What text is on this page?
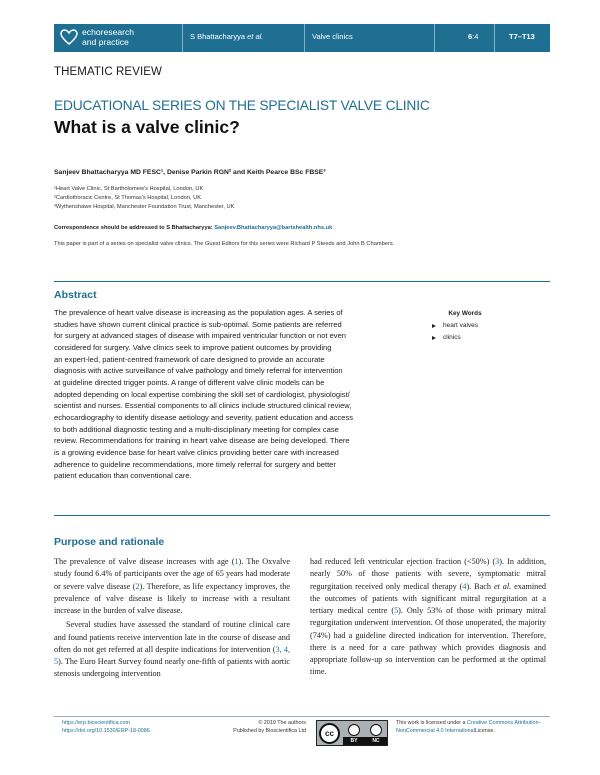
echoresearch
and practice	S Bhattacharyya et al.	Valve clinics	6:4	T7–T13
THEMATIC REVIEW
EDUCATIONAL SERIES ON THE SPECIALIST VALVE CLINIC
What is a valve clinic?
Sanjeev Bhattacharyya MD FESC¹, Denise Parkin RGN² and Keith Pearce BSc FBSE³
¹Heart Valve Clinic, St Bartholomew's Hospital, London, UK
²Cardiothoracic Centre, St Thomas's Hospital, London, UK
³Wythenshawe Hospital, Manchester Foundation Trust, Manchester, UK
Correspondence should be addressed to S Bhattacharyya: Sanjeev.Bhattacharyya@bartshealth.nhs.uk
This paper is part of a series on specialist valve clinics. The Guest Editors for this series were Richard P Steeds and John B Chambers.
Abstract

The prevalence of heart valve disease is increasing as the population ages. A series of

studies have shown current clinical practice is sub-optimal. Some patients are referred

for surgery at advanced stages of disease with impaired ventricular function or not even

considered for surgery. Valve clinics seek to improve patient outcomes by providing

an expert-led, patient-centred framework of care designed to provide an accurate

diagnosis with active surveillance of valve pathology and timely referral for intervention

at guideline directed trigger points. A range of different valve clinic models can be

adopted depending on local expertise combining the skill set of cardiologist, physiologist/

scientist and nurses. Essential components to all clinics include structured clinical review,

echocardiography to identify disease aetiology and severity, patient education and access

to both additional diagnostic testing and a multi-disciplinary meeting for complex case

review. Recommendations for training in heart valve disease are being developed. There

is a growing evidence base for heart valve clinics providing better care with increased

adherence to guideline recommendations, more timely referral for surgery and better

patient education than conventional care.

Key Words
heart valves
clinics
Purpose and rationale

The prevalence of valve disease increases with age (1). The Oxvalve study found 6.4% of participants over the age of 65 years had moderate or severe valve disease (2). Therefore, as life expectancy improves, the prevalence of valve disease is likely to increase with a resultant increase in the burden of valve disease.

Several studies have assessed the standard of routine clinical care and found patients receive intervention late in the course of disease and often do not get referred at all despite indications for intervention (3, 4, 5). The Euro Heart Survey found nearly one-fifth of patients with aortic stenosis undergoing intervention

had reduced left ventricular ejection fraction (<50%) (3). In addition, nearly 50% of those patients with severe, symptomatic mitral regurgitation received only medical therapy (4). Bach et al. examined the outcomes of patients with significant mitral regurgitation at a tertiary medical centre (5). Only 53% of those with primary mitral regurgitation underwent intervention. Of those unoperated, the majority (74%) had a guideline directed indication for intervention. Therefore, there is a need for a care pathway which provides diagnosis and appropriate follow-up so intervention can be performed at the optimal time.

https://erp.bioscientifica.com
https://doi.org/10.1530/ERP-18-0086
© 2019 The authors
Published by Bioscientifica Ltd	cc
BY	NC
This work is licensed under a Creative Commons Attribution-NonCommercial 4.0 InternationalLicense.
